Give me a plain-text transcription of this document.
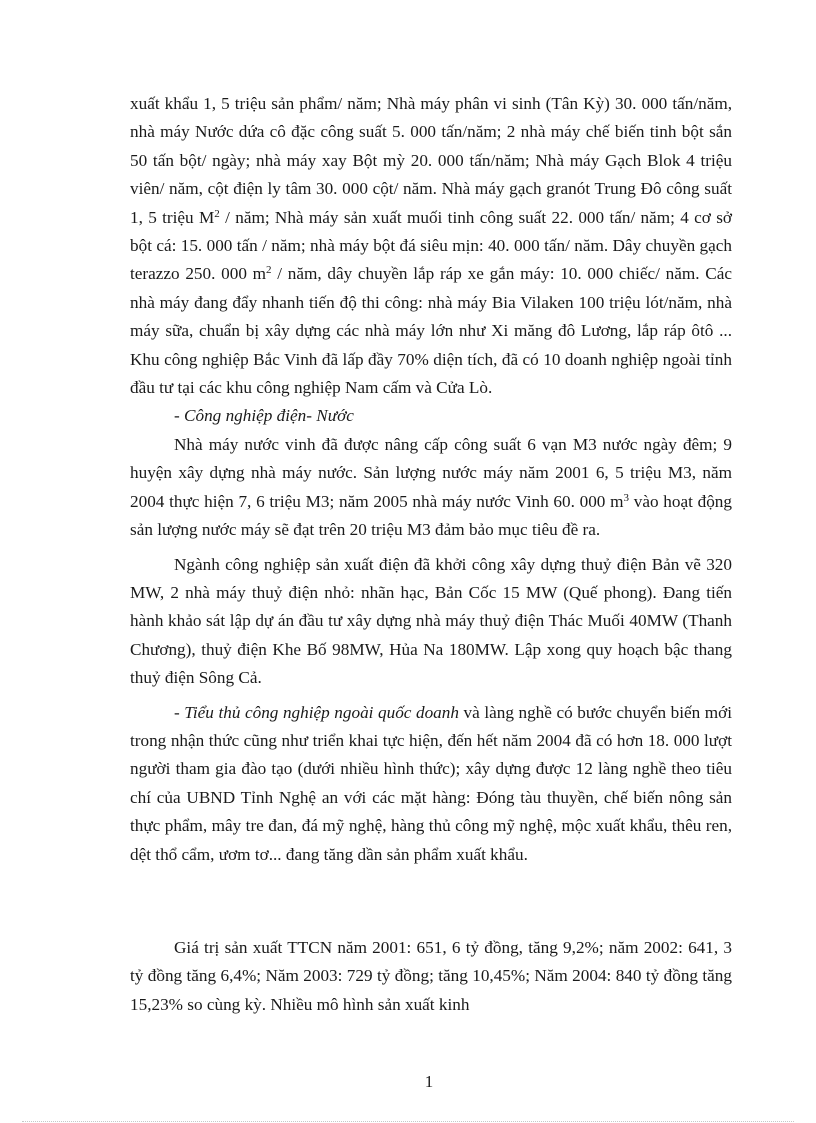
xuất khẩu 1, 5 triệu sản phẩm/ năm; Nhà máy phân vi sinh (Tân Kỳ) 30. 000 tấn/năm, nhà máy Nước dứa cô đặc công suất 5. 000 tấn/năm; 2 nhà máy chế biến tinh bột sắn 50 tấn bột/ ngày; nhà máy xay Bột mỳ 20. 000 tấn/năm; Nhà máy Gạch Blok 4 triệu viên/ năm, cột điện ly tâm 30. 000 cột/ năm. Nhà máy gạch granót Trung Đô công suất 1, 5 triệu $M^2$ / năm; Nhà máy sản xuất muối tinh công suất 22. 000 tấn/ năm; 4 cơ sở bột cá: 15. 000 tấn / năm; nhà máy bột đá siêu mịn: 40. 000 tấn/ năm. Dây chuyền gạch terazzo 250. 000 $m^2$ / năm, dây chuyền lắp ráp xe gắn máy: 10. 000 chiếc/ năm. Các nhà máy đang đẩy nhanh tiến độ thi công: nhà máy Bia Vilaken 100 triệu lót/năm, nhà máy sữa, chuẩn bị xây dựng các nhà máy lớn như Xi măng đô Lương, lắp ráp ôtô ... Khu công nghiệp Bắc Vinh đã lấp đầy 70% diện tích, đã có 10 doanh nghiệp ngoài tỉnh đầu tư tại các khu công nghiệp Nam cấm và Cửa Lò.

- Công nghiệp điện- Nước

Nhà máy nước vinh đã được nâng cấp công suất 6 vạn M3 nước ngày đêm; 9 huyện xây dựng nhà máy nước. Sản lượng nước máy năm 2001 6, 5 triệu M3, năm 2004 thực hiện 7, 6 triệu M3; năm 2005 nhà máy nước Vinh 60. 000 $m^3$ vào hoạt động sản lượng nước máy sẽ đạt trên 20 triệu M3 đảm bảo mục tiêu đề ra.

Ngành công nghiệp sản xuất điện đã khởi công xây dựng thuỷ điện Bản vẽ 320 MW, 2 nhà máy thuỷ điện nhỏ: nhãn hạc, Bản Cốc 15 MW (Quế phong). Đang tiến hành khảo sát lập dự án đầu tư xây dựng nhà máy thuỷ điện Thác Muối 40MW (Thanh Chương), thuỷ điện Khe Bố 98MW, Hủa Na 180MW. Lập xong quy hoạch bậc thang thuỷ điện Sông Cả.

- Tiểu thủ công nghiệp ngoài quốc doanh và làng nghề có bước chuyển biến mới trong nhận thức cũng như triển khai tực hiện, đến hết năm 2004 đã có hơn 18. 000 lượt người tham gia đào tạo (dưới nhiều hình thức); xây dựng được 12 làng nghề theo tiêu chí của UBND Tỉnh Nghệ an với các mặt hàng: Đóng tàu thuyền, chế biến nông sản thực phẩm, mây tre đan, đá mỹ nghệ, hàng thủ công mỹ nghệ, mộc xuất khẩu, thêu ren, dệt thổ cẩm, ươm tơ... đang tăng dần sản phẩm xuất khẩu.

Giá trị sản xuất TTCN năm 2001: 651, 6 tỷ đồng, tăng 9,2%; năm 2002: 641, 3 tỷ đồng tăng 6,4%; Năm 2003: 729 tỷ đồng; tăng 10,45%; Năm 2004: 840 tỷ đồng tăng 15,23% so cùng kỳ. Nhiều mô hình sản xuất kinh

1
